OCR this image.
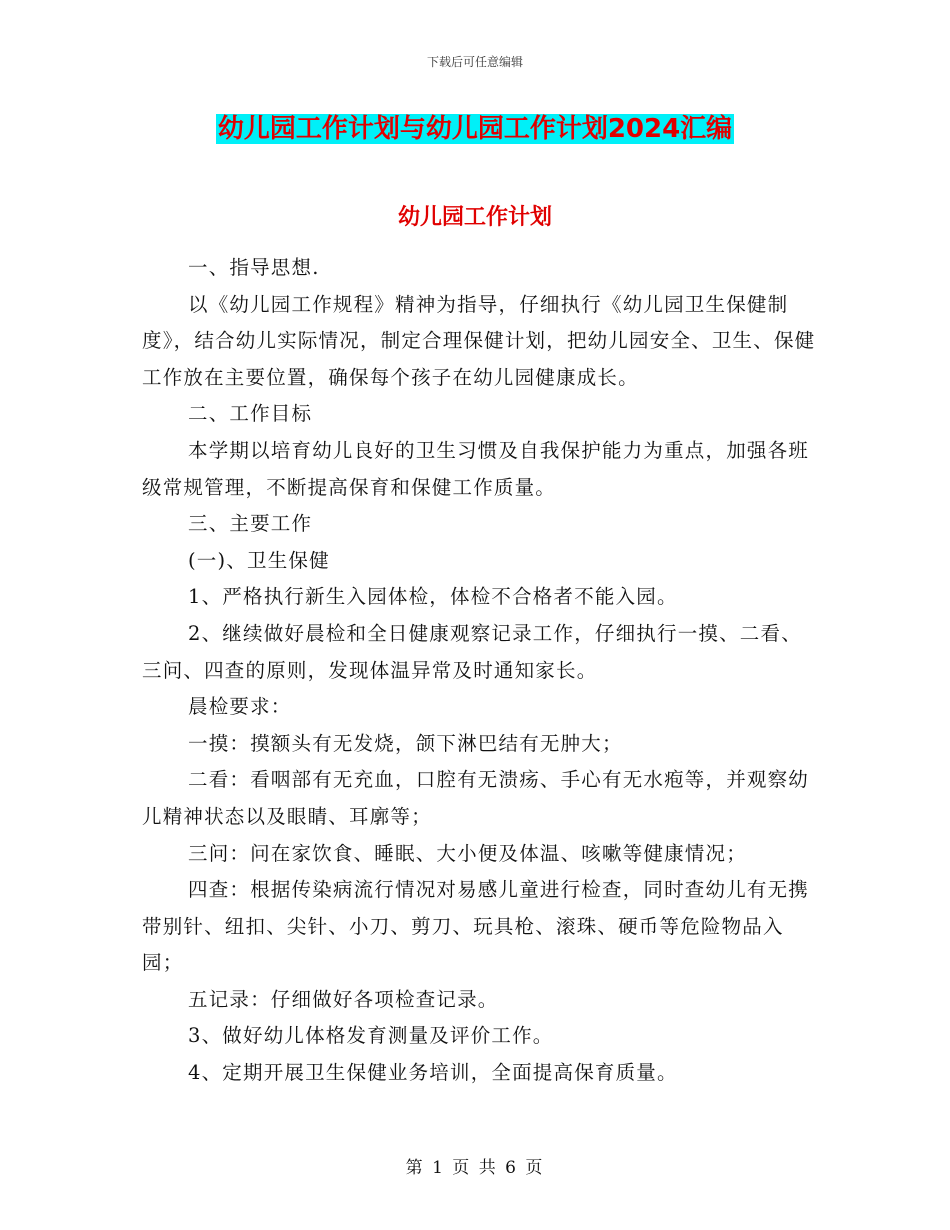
下载后可任意编辑
幼儿园工作计划与幼儿园工作计划2024汇编
幼儿园工作计划

一、指导思想.

以《幼儿园工作规程》精神为指导，仔细执行《幼儿园卫生保健制度》，结合幼儿实际情况，制定合理保健计划，把幼儿园安全、卫生、保健工作放在主要位置，确保每个孩子在幼儿园健康成长。

二、工作目标

本学期以培育幼儿良好的卫生习惯及自我保护能力为重点，加强各班级常规管理，不断提高保育和保健工作质量。

三、主要工作

(一)、卫生保健

1、严格执行新生入园体检，体检不合格者不能入园。

2、继续做好晨检和全日健康观察记录工作，仔细执行一摸、二看、三问、四查的原则，发现体温异常及时通知家长。

晨检要求：

一摸：摸额头有无发烧，颌下淋巴结有无肿大；

二看：看咽部有无充血，口腔有无溃疡、手心有无水疱等，并观察幼儿精神状态以及眼睛、耳廓等；

三问：问在家饮食、睡眠、大小便及体温、咳嗽等健康情况；

四查：根据传染病流行情况对易感儿童进行检查，同时查幼儿有无携带别针、纽扣、尖针、小刀、剪刀、玩具枪、滚珠、硬币等危险物品入园；

五记录：仔细做好各项检查记录。

3、做好幼儿体格发育测量及评价工作。

4、定期开展卫生保健业务培训，全面提高保育质量。

第 1 页 共 6 页
